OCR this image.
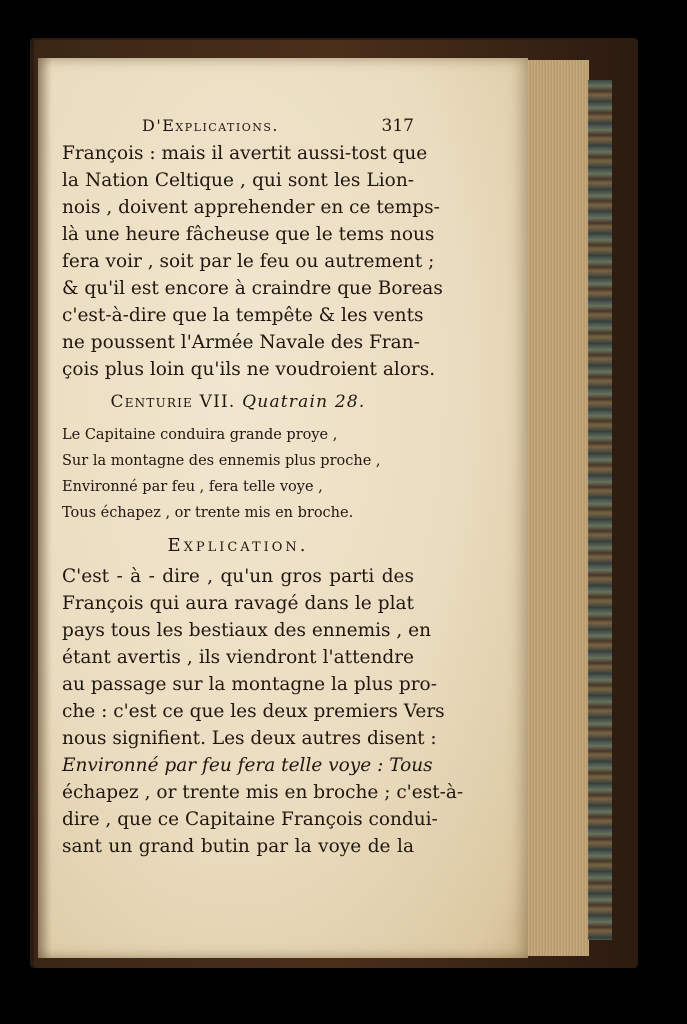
D'Explications.	317
François : mais il avertit aussi-tost que
la Nation Celtique , qui sont les Lion-
nois , doivent apprehender en ce temps-
là une heure fâcheuse que le tems nous
fera voir , soit par le feu ou autrement ;
& qu'il est encore à craindre que Boreas
c'est-à-dire que la tempête & les vents
ne poussent l'Armée Navale des Fran-
çois plus loin qu'ils ne voudroient alors.
Centurie VII. Quatrain 28.
Le Capitaine conduira grande proye ,
Sur la montagne des ennemis plus proche ,
Environné par feu , fera telle voye ,
Tous échapez , or trente mis en broche.
Explication.
C'est - à - dire , qu'un gros parti des
François qui aura ravagé dans le plat
pays tous les bestiaux des ennemis , en
étant avertis , ils viendront l'attendre
au passage sur la montagne la plus pro-
che : c'est ce que les deux premiers Vers
nous signifient. Les deux autres disent :
Environné par feu fera telle voye : Tous
échapez , or trente mis en broche ; c'est-à-
dire , que ce Capitaine François condui-
sant un grand butin par la voye de la
